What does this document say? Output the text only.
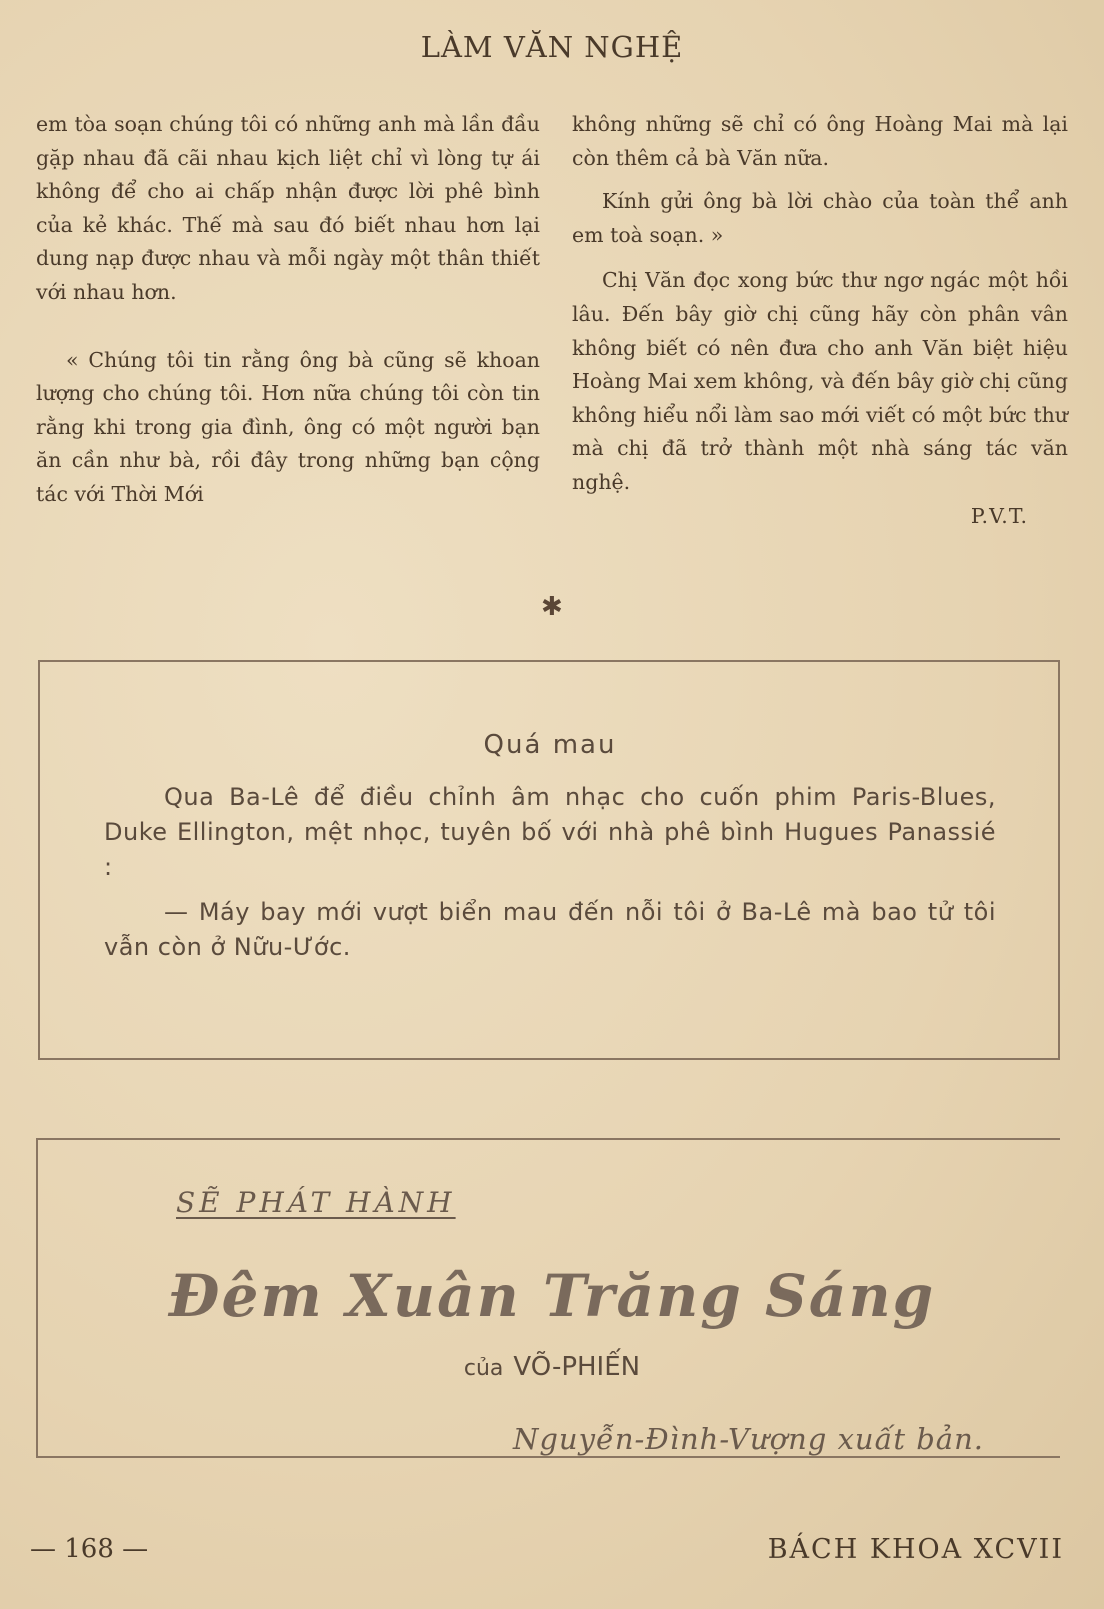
LÀM VĂN NGHỆ

em tòa soạn chúng tôi có những anh mà lần đầu gặp nhau đã cãi nhau kịch liệt chỉ vì lòng tự ái không để cho ai chấp nhận được lời phê bình của kẻ khác. Thế mà sau đó biết nhau hơn lại dung nạp được nhau và mỗi ngày một thân thiết với nhau hơn.

« Chúng tôi tin rằng ông bà cũng sẽ khoan lượng cho chúng tôi. Hơn nữa chúng tôi còn tin rằng khi trong gia đình, ông có một người bạn ăn cần như bà, rồi đây trong những bạn cộng tác với Thời Mới

không những sẽ chỉ có ông Hoàng Mai mà lại còn thêm cả bà Văn nữa.

Kính gửi ông bà lời chào của toàn thể anh em toà soạn. »

Chị Văn đọc xong bức thư ngơ ngác một hồi lâu. Đến bây giờ chị cũng hãy còn phân vân không biết có nên đưa cho anh Văn biệt hiệu Hoàng Mai xem không, và đến bây giờ chị cũng không hiểu nổi làm sao mới viết có một bức thư mà chị đã trở thành một nhà sáng tác văn nghệ.

P.V.T.

✱
Quá mau

Qua Ba-Lê để điều chỉnh âm nhạc cho cuốn phim Paris-Blues, Duke Ellington, mệt nhọc, tuyên bố với nhà phê bình Hugues Panassié :

— Máy bay mới vượt biển mau đến nỗi tôi ở Ba-Lê mà bao tử tôi vẫn còn ở Nữu-Ước.

SẼ PHÁT HÀNH
Đêm Xuân Trăng Sáng
của VÕ-PHIẾN
Nguyễn-Đình-Vượng xuất bản.
— 168 —	BÁCH KHOA XCVII
